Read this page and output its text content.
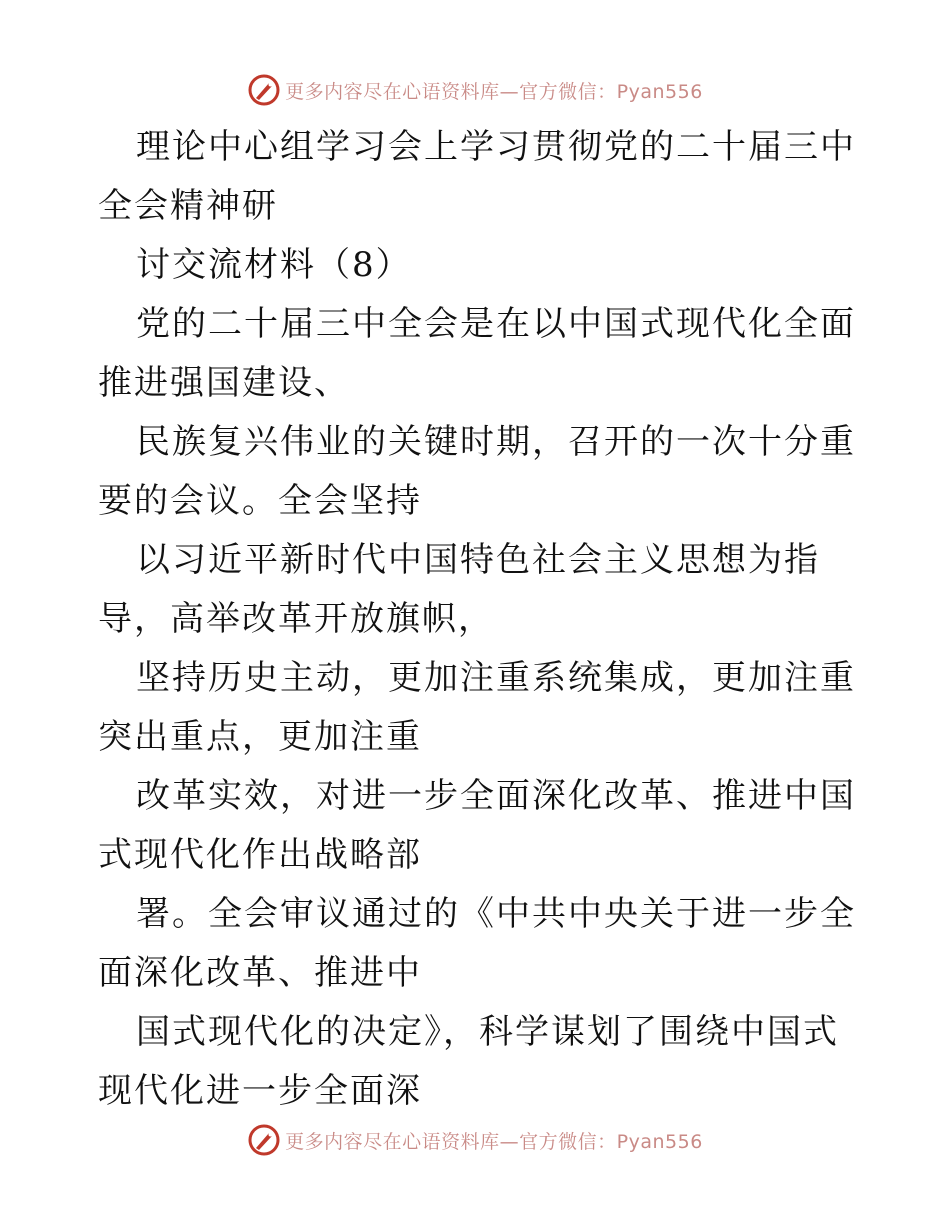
更多内容尽在心语资料库—官方微信：Pyan556

理论中心组学习会上学习贯彻党的二十届三中全会精神研

讨交流材料（8）

党的二十届三中全会是在以中国式现代化全面推进强国建设、

民族复兴伟业的关键时期，召开的一次十分重要的会议。全会坚持

以习近平新时代中国特色社会主义思想为指导，高举改革开放旗帜，

坚持历史主动，更加注重系统集成，更加注重突出重点，更加注重

改革实效，对进一步全面深化改革、推进中国式现代化作出战略部

署。全会审议通过的《中共中央关于进一步全面深化改革、推进中

国式现代化的决定》，科学谋划了围绕中国式现代化进一步全面深

更多内容尽在心语资料库—官方微信：Pyan556
